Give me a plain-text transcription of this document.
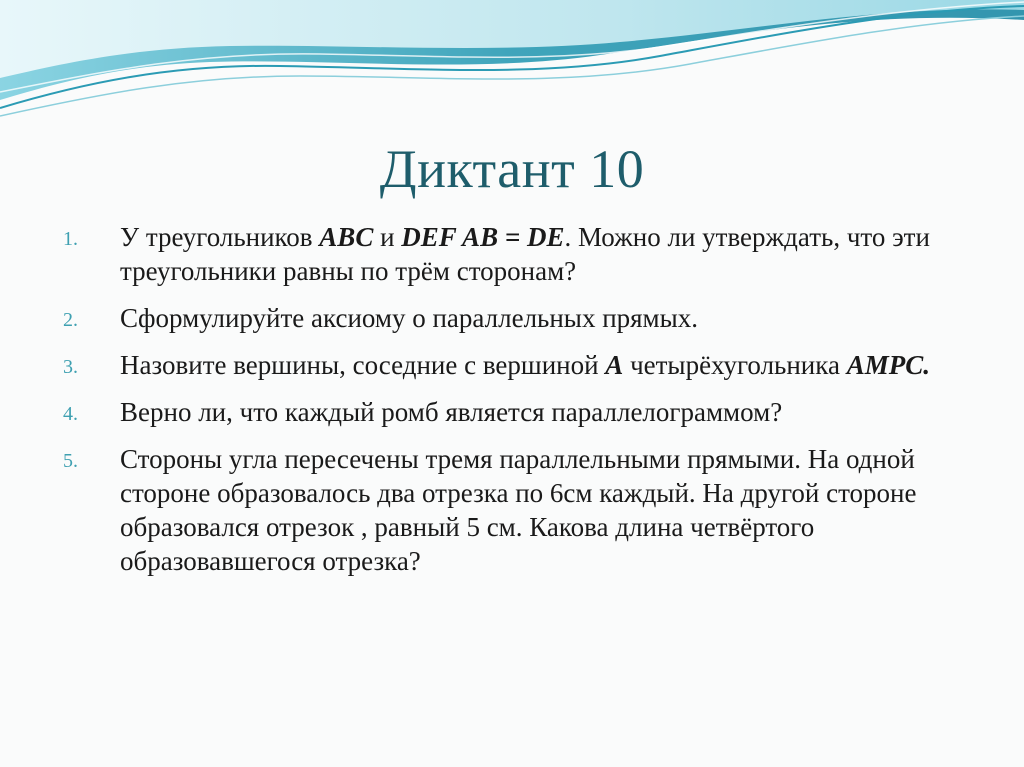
Диктант 10
1. У треугольников ABC и DEF AB = DE. Можно ли утверждать, что эти треугольники равны по трём сторонам?
2. Сформулируйте аксиому о параллельных прямых.
3. Назовите вершины, соседние с вершиной A четырёхугольника AMPC.
4. Верно ли, что каждый ромб является параллелограммом?
5. Стороны угла пересечены тремя параллельными прямыми. На одной стороне образовалось два отрезка по 6см каждый. На другой стороне образовался отрезок , равный 5 см. Какова длина четвёртого образовавшегося отрезка?
